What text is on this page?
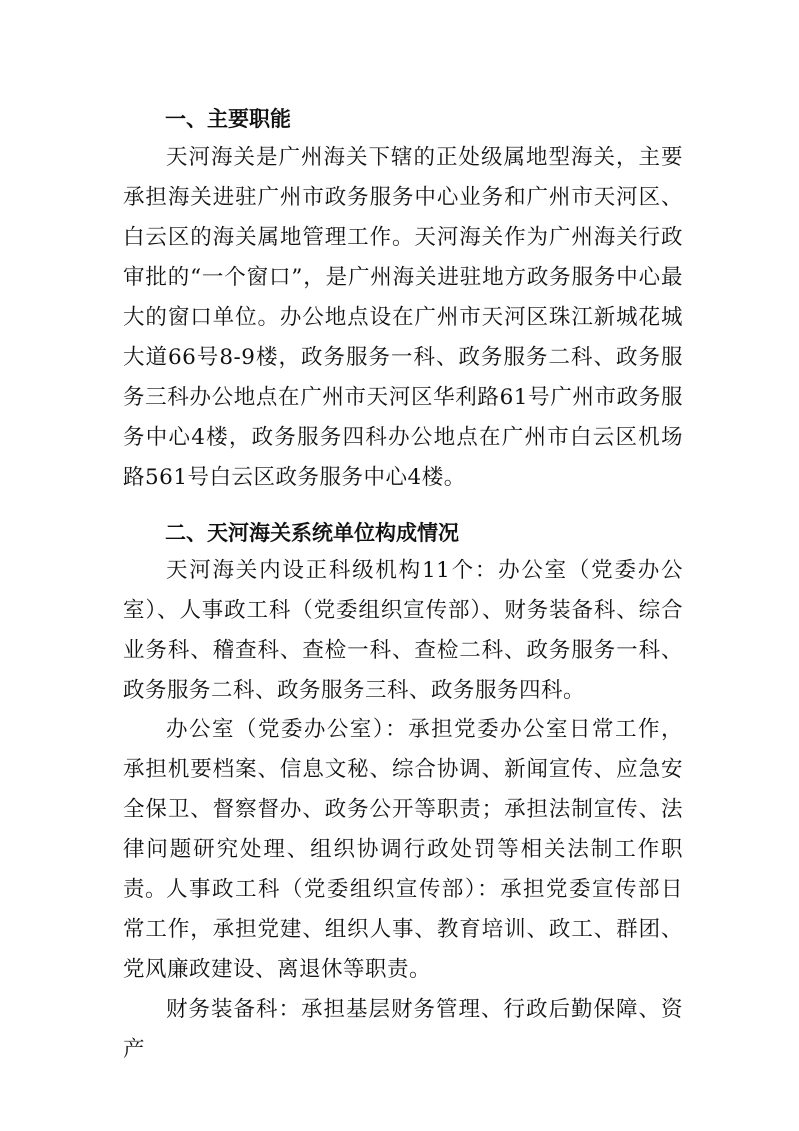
一、主要职能
天河海关是广州海关下辖的正处级属地型海关，主要承担海关进驻广州市政务服务中心业务和广州市天河区、白云区的海关属地管理工作。天河海关作为广州海关行政审批的“一个窗口”，是广州海关进驻地方政务服务中心最大的窗口单位。办公地点设在广州市天河区珠江新城花城大道66号8-9楼，政务服务一科、政务服务二科、政务服务三科办公地点在广州市天河区华利路61号广州市政务服务中心4楼，政务服务四科办公地点在广州市白云区机场路561号白云区政务服务中心4楼。
二、天河海关系统单位构成情况
天河海关内设正科级机构11个：办公室（党委办公室）、人事政工科（党委组织宣传部）、财务装备科、综合业务科、稽查科、查检一科、查检二科、政务服务一科、政务服务二科、政务服务三科、政务服务四科。
办公室（党委办公室）：承担党委办公室日常工作，承担机要档案、信息文秘、综合协调、新闻宣传、应急安全保卫、督察督办、政务公开等职责；承担法制宣传、法律问题研究处理、组织协调行政处罚等相关法制工作职责。
人事政工科（党委组织宣传部）：承担党委宣传部日常工作，承担党建、组织人事、教育培训、政工、群团、党风廉政建设、离退休等职责。
财务装备科：承担基层财务管理、行政后勤保障、资产
